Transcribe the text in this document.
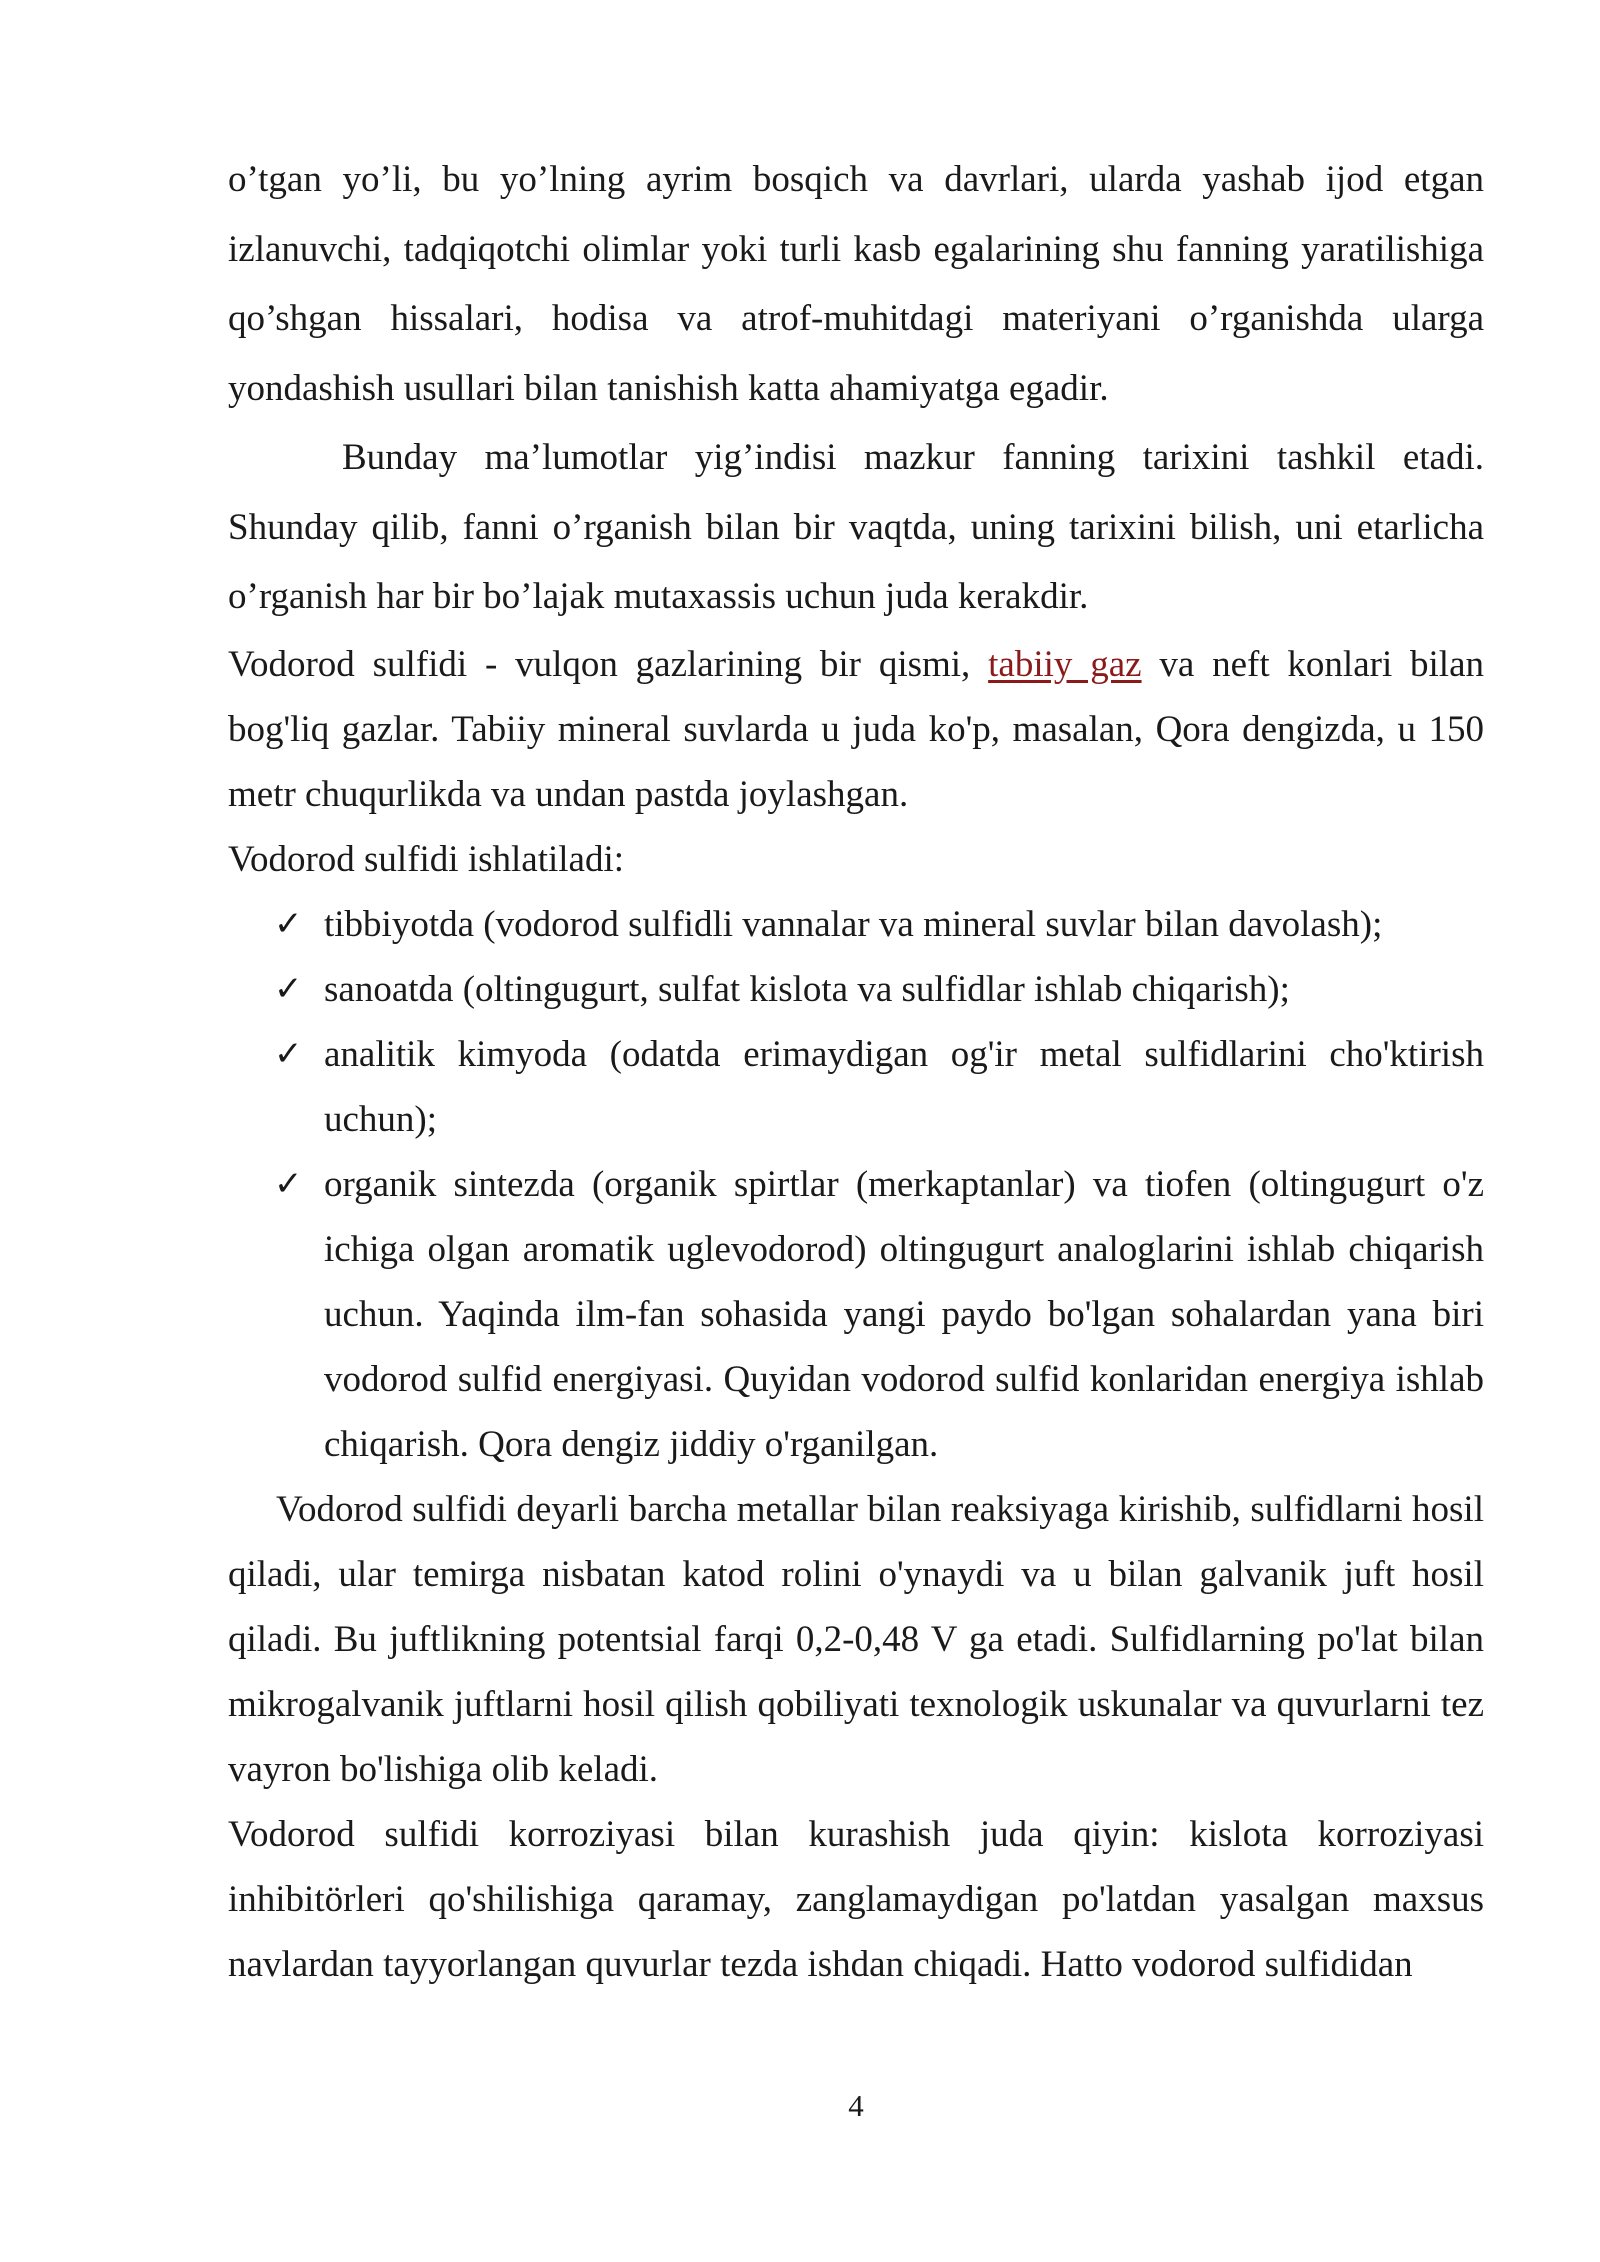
o’tgan yo’li, bu yo’lning ayrim bosqich va davrlari, ularda yashab ijod etgan izlanuvchi, tadqiqotchi olimlar yoki turli kasb egalarining shu fanning yaratilishiga qo’shgan hissalari, hodisa va atrof-muhitdagi materiyani o’rganishda ularga yondashish usullari bilan tanishish katta ahamiyatga egadir.

Bunday ma’lumotlar yig’indisi mazkur fanning tarixini tashkil etadi. Shunday qilib, fanni o’rganish bilan bir vaqtda, uning tarixini bilish, uni etarlicha o’rganish har bir bo’lajak mutaxassis uchun juda kerakdir.

Vodorod sulfidi - vulqon gazlarining bir qismi, tabiiy gaz va neft konlari bilan bog'liq gazlar. Tabiiy mineral suvlarda u juda ko'p, masalan, Qora dengizda, u 150 metr chuqurlikda va undan pastda joylashgan.

Vodorod sulfidi ishlatiladi:

✓ tibbiyotda (vodorod sulfidli vannalar va mineral suvlar bilan davolash);
✓ sanoatda (oltingugurt, sulfat kislota va sulfidlar ishlab chiqarish);
✓ analitik kimyoda (odatda erimaydigan og'ir metal sulfidlarini cho'ktirish uchun);
✓ organik sintezda (organik spirtlar (merkaptanlar) va tiofen (oltingugurt o'z ichiga olgan aromatik uglevodorod) oltingugurt analoglarini ishlab chiqarish uchun. Yaqinda ilm-fan sohasida yangi paydo bo'lgan sohalardan yana biri vodorod sulfid energiyasi. Quyidan vodorod sulfid konlaridan energiya ishlab chiqarish. Qora dengiz jiddiy o'rganilgan.

Vodorod sulfidi deyarli barcha metallar bilan reaksiyaga kirishib, sulfidlarni hosil qiladi, ular temirga nisbatan katod rolini o'ynaydi va u bilan galvanik juft hosil qiladi. Bu juftlikning potentsial farqi 0,2-0,48 V ga etadi. Sulfidlarning po'lat bilan mikrogalvanik juftlarni hosil qilish qobiliyati texnologik uskunalar va quvurlarni tez vayron bo'lishiga olib keladi.

Vodorod sulfidi korroziyasi bilan kurashish juda qiyin: kislota korroziyasi inhibitörleri qo'shilishiga qaramay, zanglamaydigan po'latdan yasalgan maxsus navlardan tayyorlangan quvurlar tezda ishdan chiqadi. Hatto vodorod sulfididan

4
